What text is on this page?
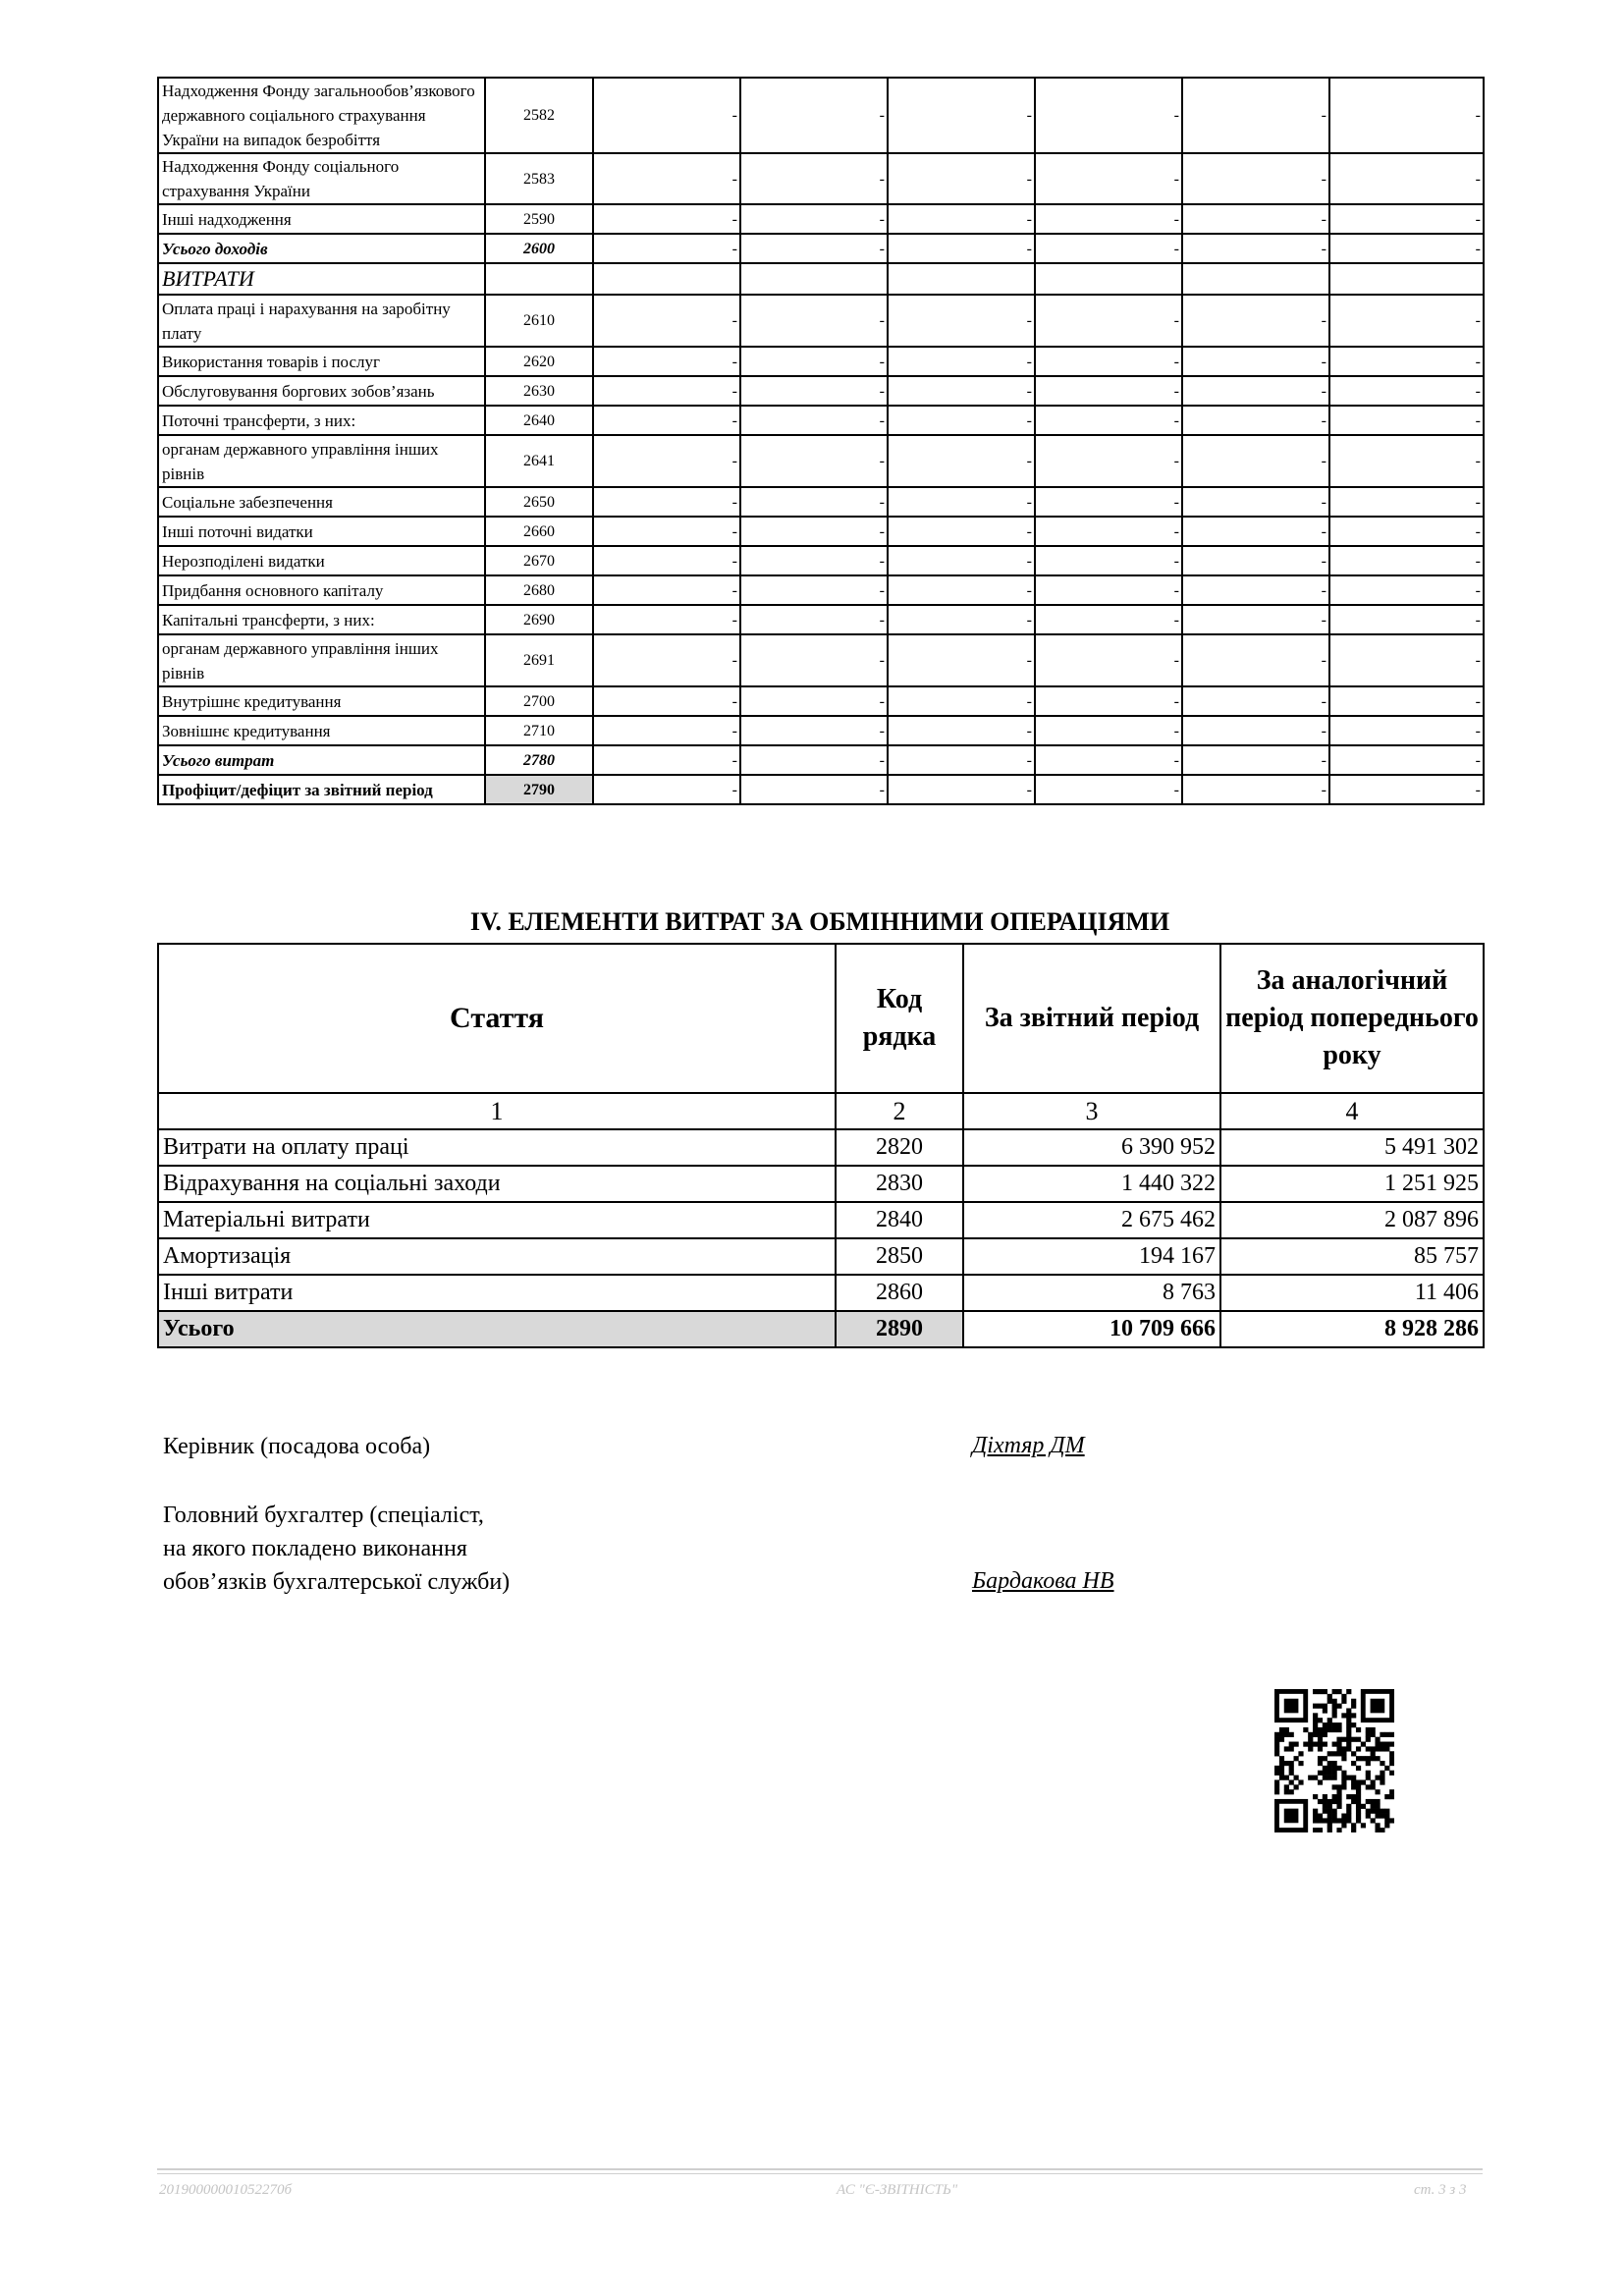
Надходження Фонду загальнообов’язкового державного соціального страхування України на випадок безробіття	2582	-	-	-	-	-	-
Надходження Фонду соціального страхування України	2583	-	-	-	-	-	-
Інші надходження	2590	-	-	-	-	-	-
Усього доходів	2600	-	-	-	-	-	-
ВИТРАТИ							
Оплата праці і нарахування на заробітну плату	2610	-	-	-	-	-	-
Використання товарів і послуг	2620	-	-	-	-	-	-
Обслуговування боргових зобов’язань	2630	-	-	-	-	-	-
Поточні трансферти, з них:	2640	-	-	-	-	-	-
органам державного управління інших рівнів	2641	-	-	-	-	-	-
Соціальне забезпечення	2650	-	-	-	-	-	-
Інші поточні видатки	2660	-	-	-	-	-	-
Нерозподілені видатки	2670	-	-	-	-	-	-
Придбання основного капіталу	2680	-	-	-	-	-	-
Капітальні трансферти, з них:	2690	-	-	-	-	-	-
органам державного управління інших рівнів	2691	-	-	-	-	-	-
Внутрішнє кредитування	2700	-	-	-	-	-	-
Зовнішнє кредитування	2710	-	-	-	-	-	-
Усього витрат	2780	-	-	-	-	-	-
Профіцит/дефіцит за звітний період	2790	-	-	-	-	-	-
IV. ЕЛЕМЕНТИ ВИТРАТ ЗА ОБМІННИМИ ОПЕРАЦІЯМИ
Стаття	Код рядка	За звітний період	За аналогічний період попереднього року
1	2	3	4
Витрати на оплату праці	2820	6 390 952	5 491 302
Відрахування на соціальні заходи	2830	1 440 322	1 251 925
Матеріальні витрати	2840	2 675 462	2 087 896
Амортизація	2850	194 167	85 757
Інші витрати	2860	8 763	11 406
Усього	2890	10 709 666	8 928 286
Керівник (посадова особа)	Діхтяр ДМ
Головний бухгалтер (спеціаліст,
на якого покладено виконання
обов’язків бухгалтерської служби)	Бардакова НВ
20190000001052270б	АС "Є-ЗВІТНІСТЬ"	ст. 3 з 3
